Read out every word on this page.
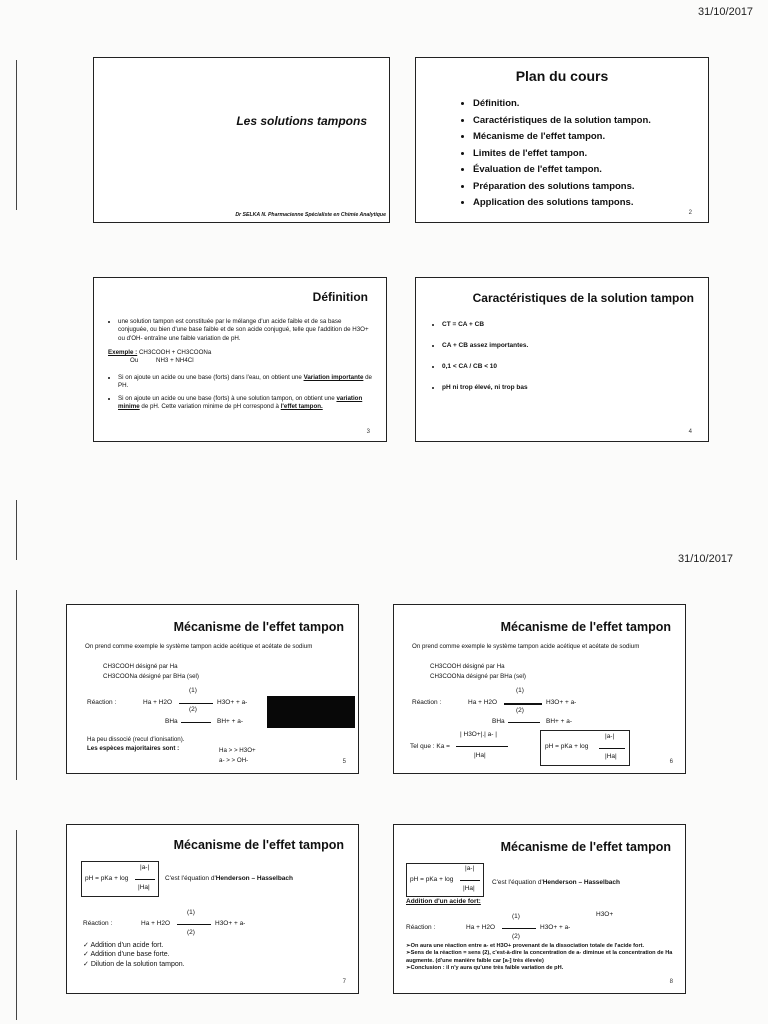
31/10/2017
31/10/2017
Les solutions tampons
Dr SELKA N. Pharmacienne Spécialiste en Chimie Analytique
Plan du cours
• Définition.
• Caractéristiques de la solution tampon.
• Mécanisme de l'effet tampon.
• Limites de l'effet tampon.
• Évaluation de l'effet tampon.
• Préparation des solutions tampons.
• Application des solutions tampons.
2
Définition
• une solution tampon est constituée par le mélange d'un acide faible et de sa base conjuguée, ou bien d'une base faible et de son acide conjugué, telle que l'addition de H3O+ ou d'OH- entraîne une faible variation de pH.
Exemple : CH3COOH + CH3COONa
Ou	NH3 + NH4Cl
• Si on ajoute un acide ou une base (forts) dans l'eau, on obtient une Variation importante de PH.
• Si on ajoute un acide ou une base (forts) à une solution tampon, on obtient une variation minime de pH. Cette variation minime de pH correspond à l'effet tampon.
3
Caractéristiques de la solution tampon
• CT = CA + CB
• CA + CB assez importantes.
• 0,1 < CA / CB < 10
• pH ni trop élevé, ni trop bas
4
Mécanisme de l'effet tampon
On prend comme exemple le système tampon acide acétique et acétate de sodium
CH3COOH désigné par Ha
CH3COONa désigné par BHa (sel)
Réaction :	Ha + H2O
(1)
(2)
H3O+ + a-
BHa	BH+ + a-
Ha peu dissocié (recul d'ionisation).
Les espèces majoritaires sont :	Ha > > H3O+
a- > > OH-	5
Mécanisme de l'effet tampon
On prend comme exemple le système tampon acide acétique et acétate de sodium
CH3COOH désigné par Ha
CH3COONa désigné par BHa (sel)
Réaction :	Ha + H2O
(1)
(2)
H3O+ + a-
BHa	BH+ + a-
Tel que : Ka =
| H3O+|.| a- |
|Ha|
pH = pKa + log
|a-|
|Ha|
6
Mécanisme de l'effet tampon
pH = pKa + log
|a-|
|Ha|
C'est l'équation d'Henderson – Hasselbach
Réaction :	Ha + H2O
(1)
(2)
H3O+ + a-
✓ Addition d'un acide fort.
✓ Addition d'une base forte.
✓ Dilution de la solution tampon.
7
Mécanisme de l'effet tampon
pH = pKa + log
|a-|
|Ha|
C'est l'équation d'Henderson – Hasselbach
Addition d'un acide fort:
H3O+
Réaction :	Ha + H2O
(1)
(2)
H3O+ + a-
➢On aura une réaction entre a- et H3O+ provenant de la dissociation totale de l'acide fort.
➢Sens de la réaction = sens (2), c'est-à-dire la concentration de a- diminue et la concentration de Ha augmente. (d'une manière faible car [a-] très élevée)
➢Conclusion : il n'y aura qu'une très faible variation de pH.
8
